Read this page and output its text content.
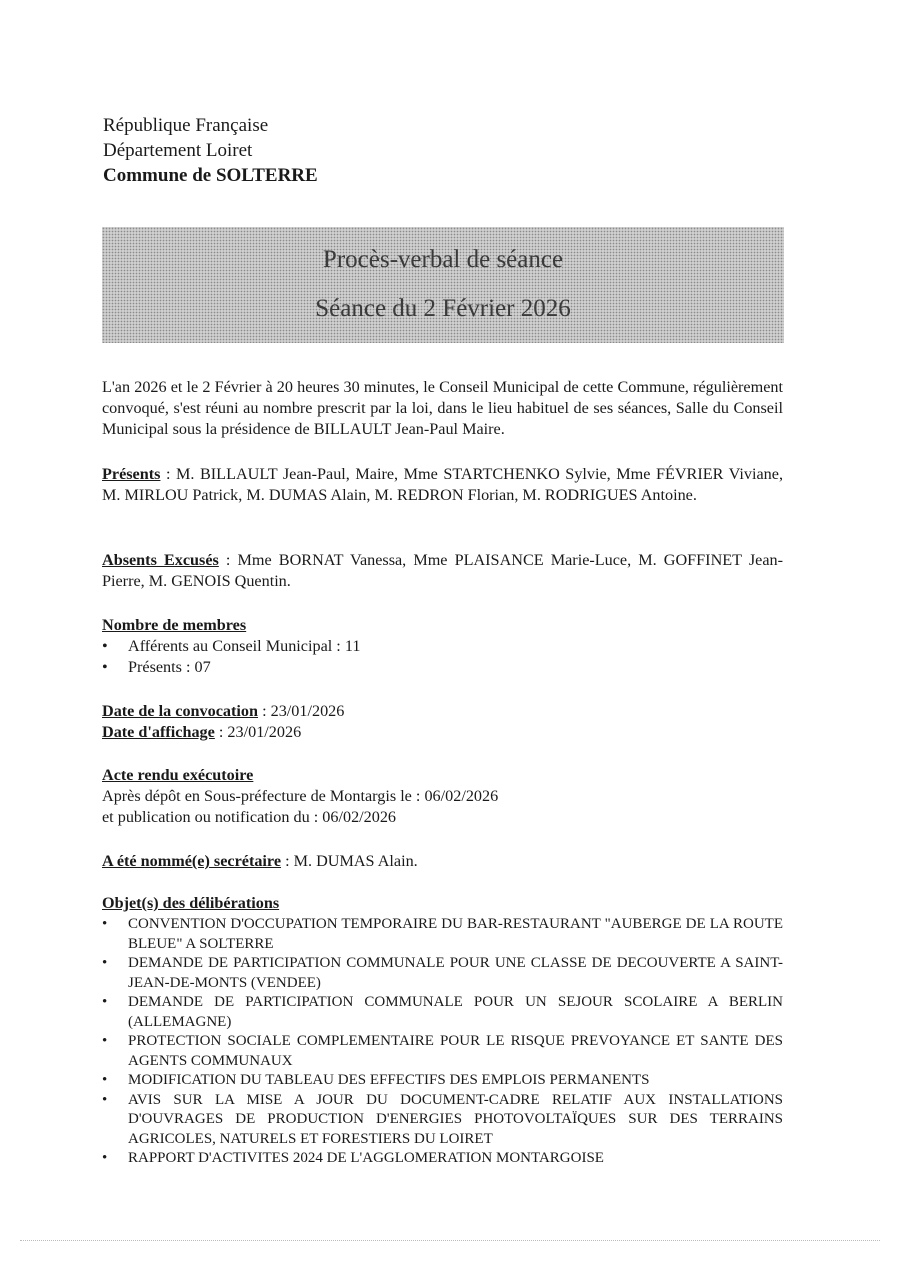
République Française
Département Loiret
Commune de SOLTERRE
Procès-verbal de séance
Séance du 2 Février 2026
L'an 2026 et le 2 Février à 20 heures 30 minutes, le Conseil Municipal de cette Commune, régulièrement convoqué, s'est réuni au nombre prescrit par la loi, dans le lieu habituel de ses séances, Salle du Conseil Municipal sous la présidence de BILLAULT Jean-Paul Maire.
Présents : M. BILLAULT Jean-Paul, Maire, Mme STARTCHENKO Sylvie, Mme FÉVRIER Viviane, M. MIRLOU Patrick, M. DUMAS Alain, M. REDRON Florian, M. RODRIGUES Antoine.
Absents Excusés : Mme BORNAT Vanessa, Mme PLAISANCE Marie-Luce, M. GOFFINET Jean-Pierre, M. GENOIS Quentin.
Nombre de membres
• Afférents au Conseil Municipal : 11
• Présents : 07
Date de la convocation : 23/01/2026
Date d'affichage : 23/01/2026
Acte rendu exécutoire
Après dépôt en Sous-préfecture de Montargis le : 06/02/2026
et publication ou notification du : 06/02/2026
A été nommé(e) secrétaire : M. DUMAS Alain.
Objet(s) des délibérations
• CONVENTION D'OCCUPATION TEMPORAIRE DU BAR-RESTAURANT "AUBERGE DE LA ROUTE BLEUE" A SOLTERRE
• DEMANDE DE PARTICIPATION COMMUNALE POUR UNE CLASSE DE DECOUVERTE A SAINT-JEAN-DE-MONTS (VENDEE)
• DEMANDE DE PARTICIPATION COMMUNALE POUR UN SEJOUR SCOLAIRE A BERLIN (ALLEMAGNE)
• PROTECTION SOCIALE COMPLEMENTAIRE POUR LE RISQUE PREVOYANCE ET SANTE DES AGENTS COMMUNAUX
• MODIFICATION DU TABLEAU DES EFFECTIFS DES EMPLOIS PERMANENTS
• AVIS SUR LA MISE A JOUR DU DOCUMENT-CADRE RELATIF AUX INSTALLATIONS D'OUVRAGES DE PRODUCTION D'ENERGIES PHOTOVOLTAÏQUES SUR DES TERRAINS AGRICOLES, NATURELS ET FORESTIERS DU LOIRET
• RAPPORT D'ACTIVITES 2024 DE L'AGGLOMERATION MONTARGOISE
